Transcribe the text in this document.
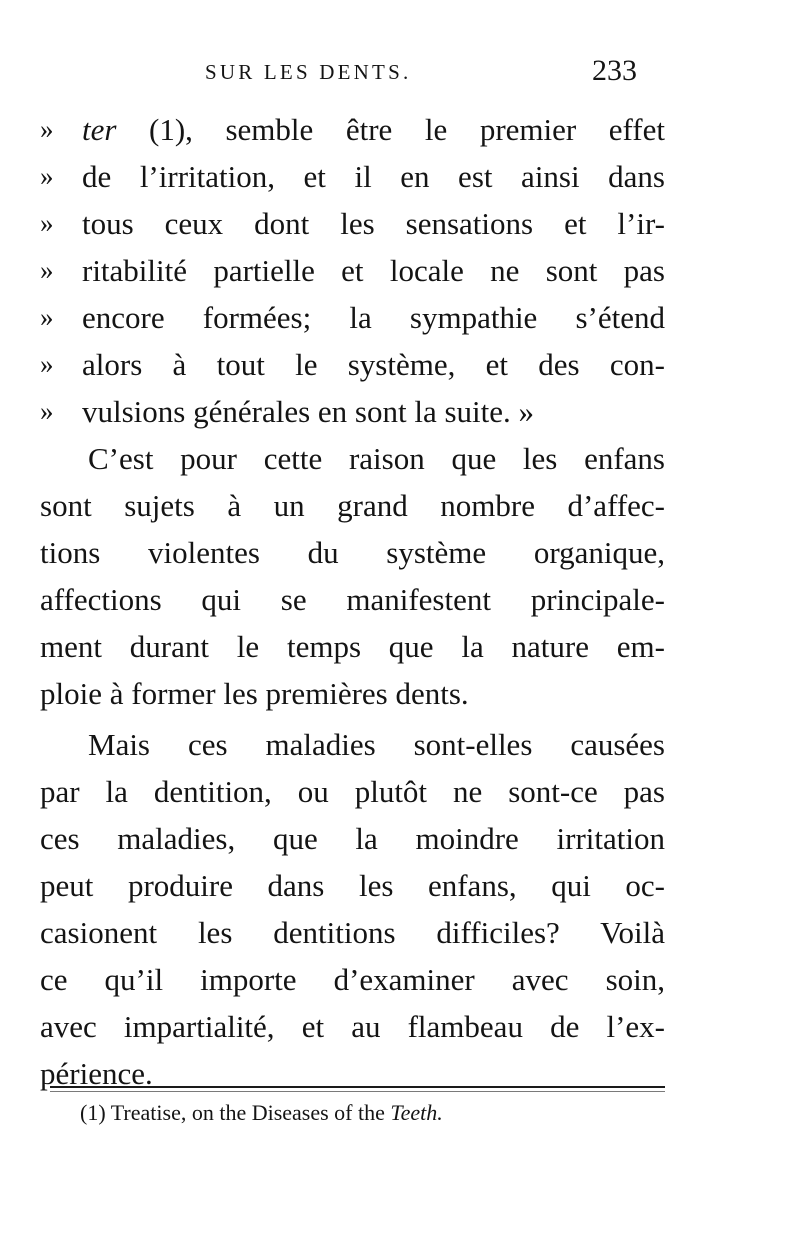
SUR LES DENTS.	233
» ter (1), semble être le premier effet
» de l’irritation, et il en est ainsi dans
» tous ceux dont les sensations et l’ir-
» ritabilité partielle et locale ne sont pas
» encore formées; la sympathie s’étend
» alors à tout le système, et des con-
» vulsions générales en sont la suite. »
C’est pour cette raison que les enfans
sont sujets à un grand nombre d’affec-
tions violentes du système organique,
affections qui se manifestent principale-
ment durant le temps que la nature em-
ploie à former les premières dents.
Mais ces maladies sont-elles causées
par la dentition, ou plutôt ne sont-ce pas
ces maladies, que la moindre irritation
peut produire dans les enfans, qui oc-
casionent les dentitions difficiles? Voilà
ce qu’il importe d’examiner avec soin,
avec impartialité, et au flambeau de l’ex-
périence.
(1) Treatise, on the Diseases of the Teeth.
